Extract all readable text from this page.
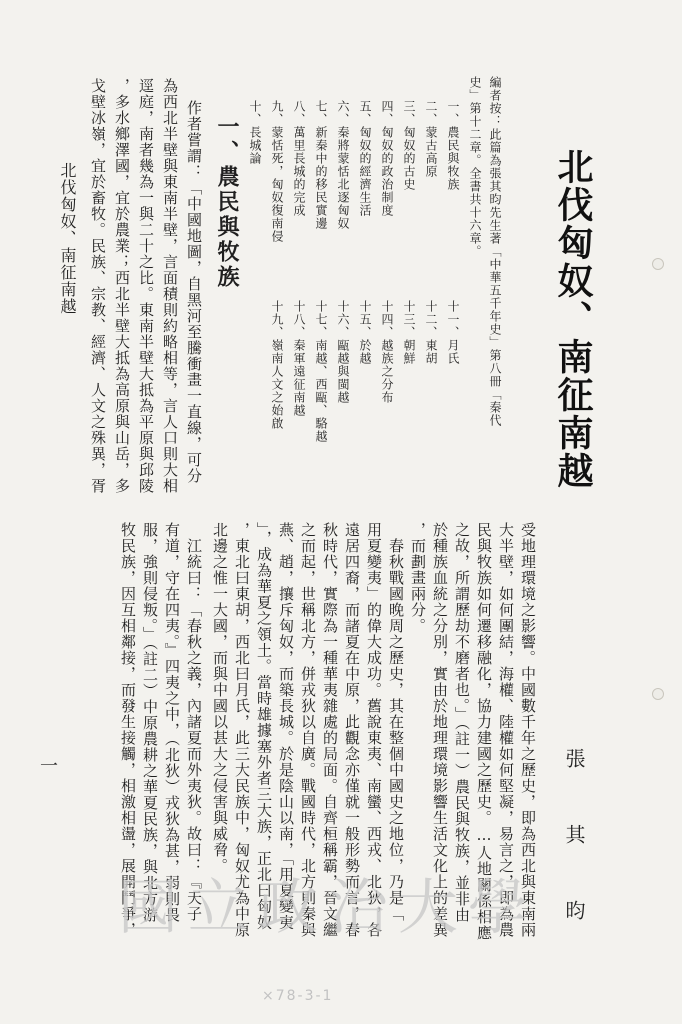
北伐匈奴、南征南越
張 其 昀
編者按：此篇為張其昀先生著「中華五千年史」第八冊「秦代
史」第十二章。全書共十六章。
一、農民與牧族
二、蒙古高原
三、匈奴的古史
四、匈奴的政治制度
五、匈奴的經濟生活
六、秦將蒙恬北逐匈奴
七、新秦中的移民實邊
八、萬里長城的完成
九、蒙恬死，匈奴復南侵
十、長城論
十一、月氏
十二、東胡
十三、朝鮮
十四、越族之分布
十五、於越
十六、甌越與閩越
十七、南越、西甌、駱越
十八、秦軍遠征南越
十九、嶺南人文之始啟
一、農民與牧族
作者嘗謂：「中國地圖，自黑河至騰衝畫一直線，可分
為西北半壁與東南半壁，言面積則約略相等，言人口則大相
逕庭，南者幾為一與二十之比。東南半壁大抵為平原與邱陵
，多水鄉澤國，宜於農業；西北半壁大抵為高原與山岳，多
戈壁冰嶺，宜於畜牧。民族、宗教、經濟、人文之殊異，胥
北伐匈奴、南征南越
一	受地理環境之影響。中國數千年之歷史，即為西北與東南兩
大半壁，如何團結，海權、陸權如何堅凝，易言之，即為農
民與牧族如何遷移融化，協力建國之歷史。…人地關係相應
之故，所謂歷劫不磨者也。」（註一）農民與牧族，並非由
於種族血統之分別，實由於地理環境影響生活文化上的差異
，而劃畫兩分。
　春秋戰國晚周之歷史，其在整個中國史之地位，乃是「
用夏變夷」的偉大成功。舊說東夷、南蠻、西戎、北狄，各
遠居四裔，而諸夏在中原，此觀念亦僅就一般形勢而言，春
秋時代，實際為一種華夷雜處的局面。自齊桓稱霸，晉文繼
之而起，世稱北方，併戎狄以自廣。戰國時代，北方則秦與
燕、趙，攘斥匈奴，而築長城。於是陰山以南，「用夏變夷
」，成為華夏之領土。當時雄據塞外者三大族，正北曰匈奴
，東北曰東胡，西北曰月氏，此三大民族中，匈奴尤為中原
北邊之惟一大國，而與中國以甚大之侵害與威脅。
　江統曰：「春秋之義，內諸夏而外夷狄。故曰：『天子
有道，守在四夷。』四夷之中，（北狄）戎狄為甚，弱則畏
服，強則侵叛。」（註二）中原農耕之華夏民族，與北方游
牧民族，因互相鄰接，而發生接觸，相激相盪，展開鬥爭，
國立政治大學
×78-3-1
